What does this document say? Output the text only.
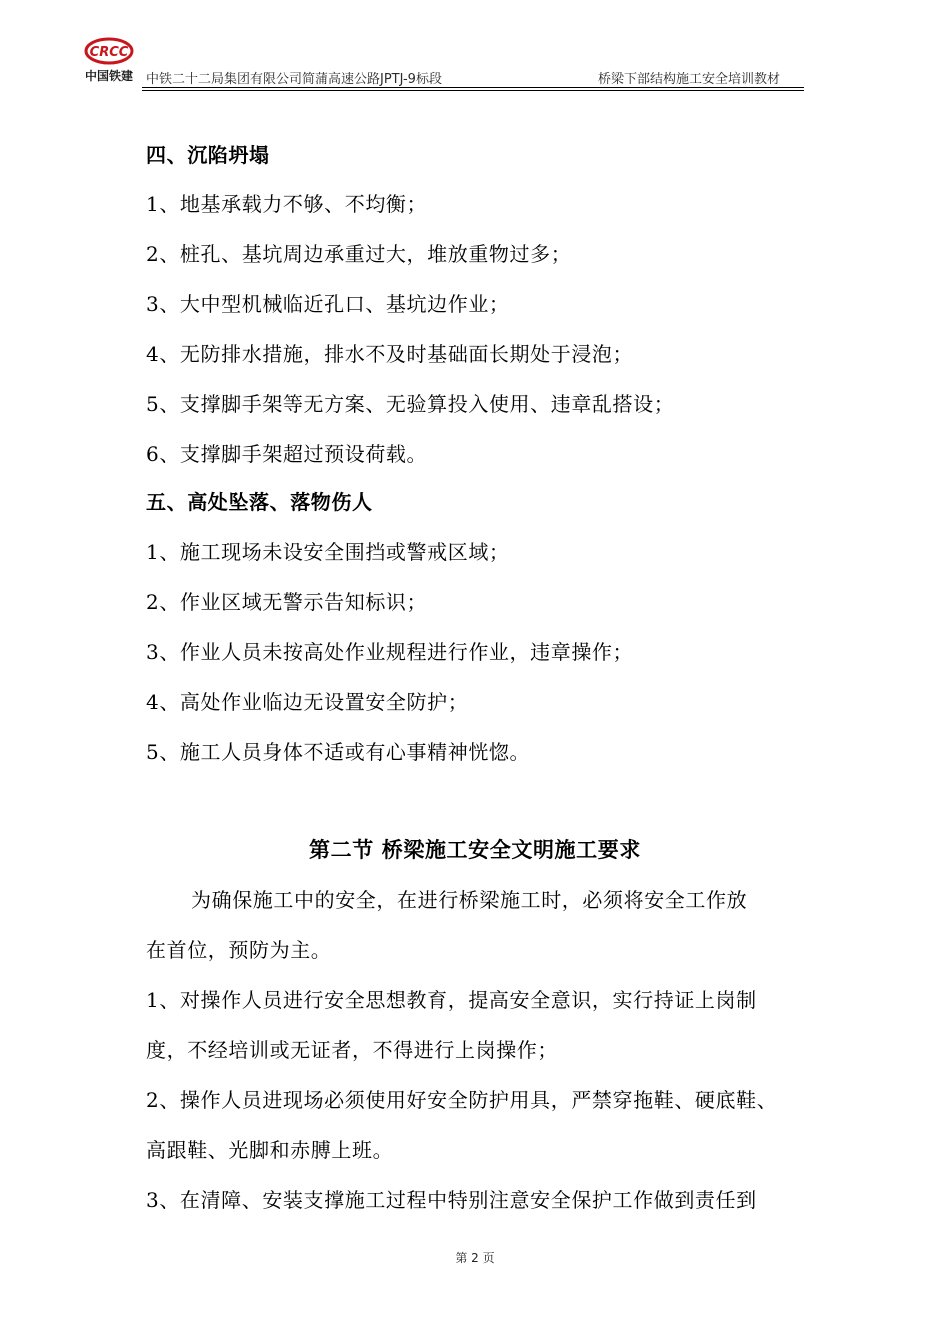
CRCC
中国铁建	中铁二十二局集团有限公司简蒲高速公路JPTJ-9标段	桥梁下部结构施工安全培训教材
四、沉陷坍塌
1、地基承载力不够、不均衡；
2、桩孔、基坑周边承重过大，堆放重物过多；
3、大中型机械临近孔口、基坑边作业；
4、无防排水措施，排水不及时基础面长期处于浸泡；
5、支撑脚手架等无方案、无验算投入使用、违章乱搭设；
6、支撑脚手架超过预设荷载。
五、高处坠落、落物伤人
1、施工现场未设安全围挡或警戒区域；
2、作业区域无警示告知标识；
3、作业人员未按高处作业规程进行作业，违章操作；
4、高处作业临边无设置安全防护；
5、施工人员身体不适或有心事精神恍惚。
第二节 桥梁施工安全文明施工要求
为确保施工中的安全，在进行桥梁施工时，必须将安全工作放
在首位，预防为主。
1、对操作人员进行安全思想教育，提高安全意识，实行持证上岗制
度，不经培训或无证者，不得进行上岗操作；
2、操作人员进现场必须使用好安全防护用具，严禁穿拖鞋、硬底鞋、
高跟鞋、光脚和赤膊上班。
3、在清障、安装支撑施工过程中特别注意安全保护工作做到责任到
第 2 页
